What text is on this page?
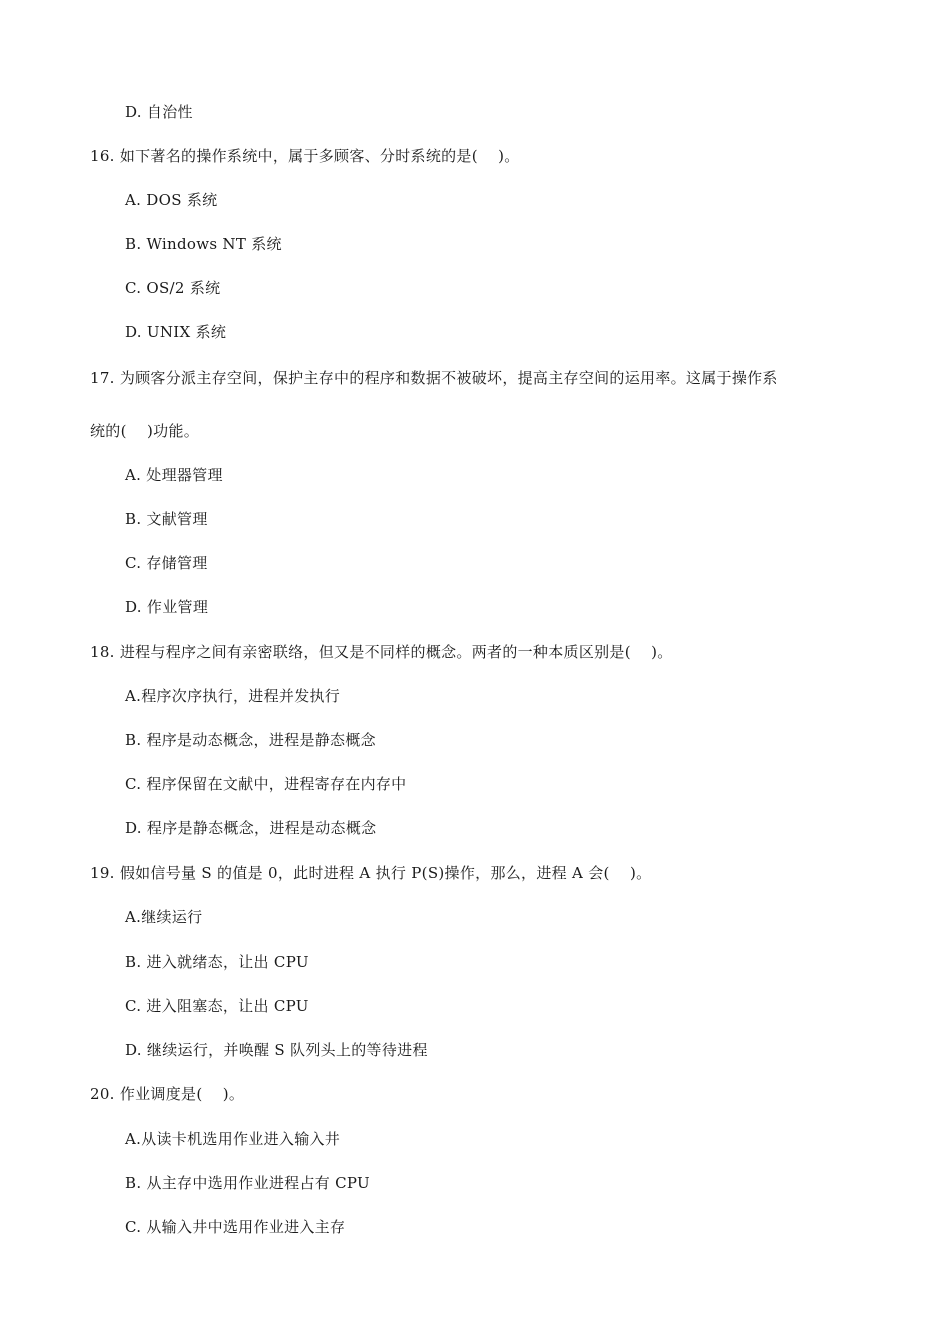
D. 自治性
16. 如下著名的操作系统中，属于多顾客、分时系统的是(    )。
A. DOS 系统
B. Windows NT 系统
C. OS/2 系统
D. UNIX 系统
17. 为顾客分派主存空间，保护主存中的程序和数据不被破坏，提高主存空间的运用率。这属于操作系
统的(    )功能。
A. 处理器管理
B. 文献管理
C. 存储管理
D. 作业管理
18. 进程与程序之间有亲密联络，但又是不同样的概念。两者的一种本质区别是(    )。
A.程序次序执行，进程并发执行
B. 程序是动态概念，进程是静态概念
C. 程序保留在文献中，进程寄存在内存中
D. 程序是静态概念，进程是动态概念
19. 假如信号量 S 的值是 0，此时进程 A 执行 P(S)操作，那么，进程 A 会(    )。
A.继续运行
B. 进入就绪态，让出 CPU
C. 进入阻塞态，让出 CPU
D. 继续运行，并唤醒 S 队列头上的等待进程
20. 作业调度是(    )。
A.从读卡机选用作业进入输入井
B. 从主存中选用作业进程占有 CPU
C. 从输入井中选用作业进入主存
